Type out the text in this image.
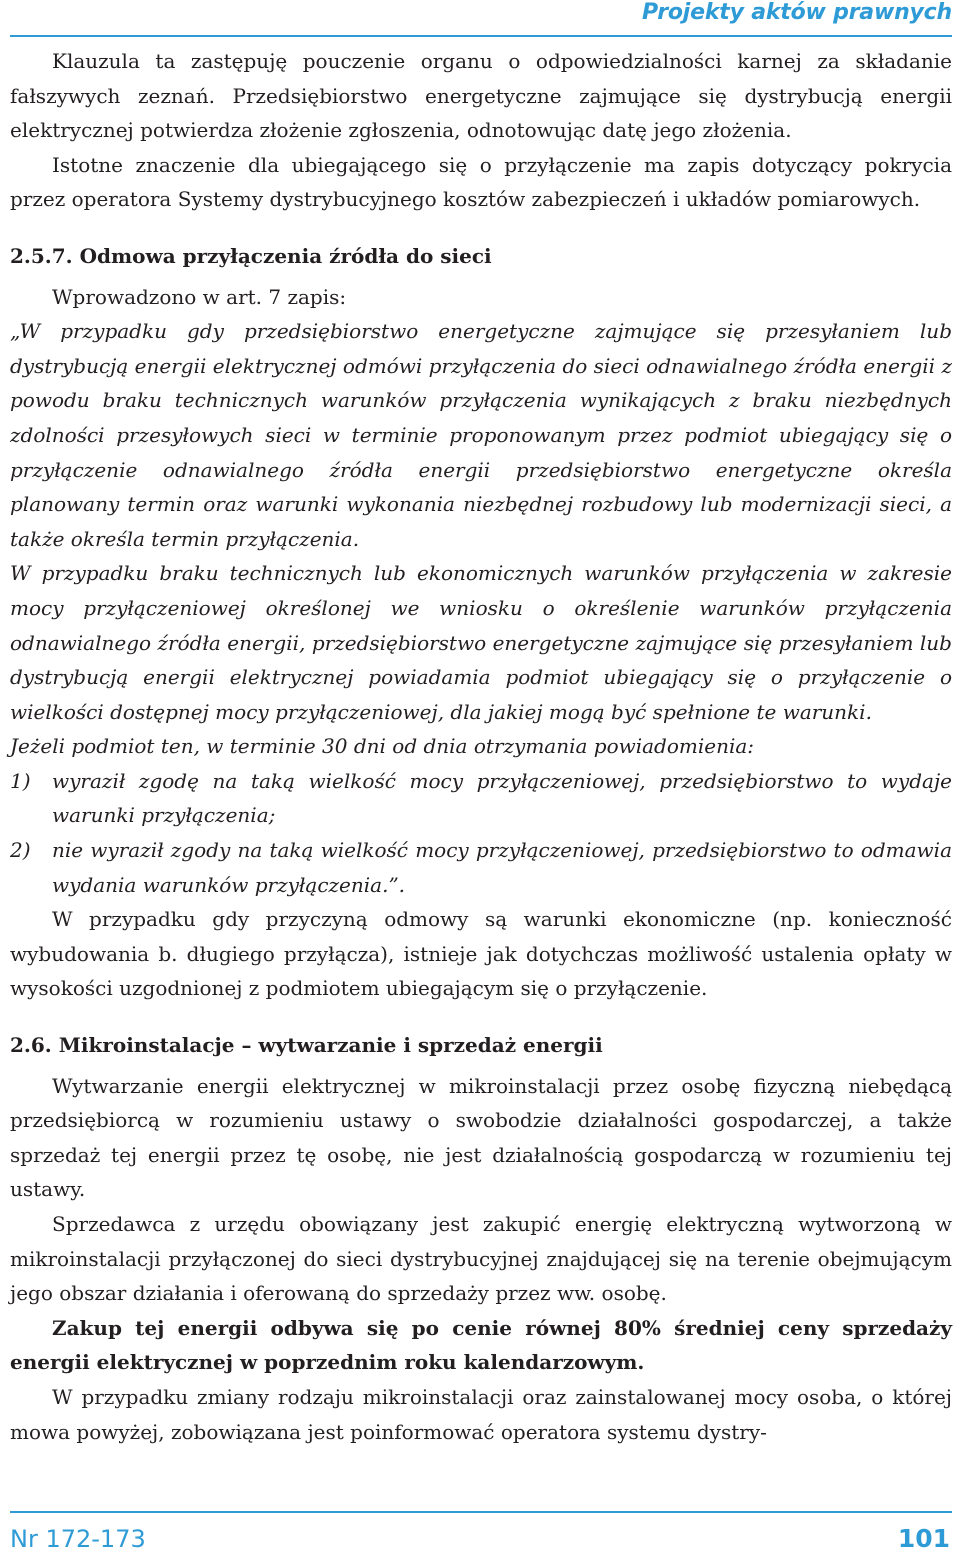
Projekty aktów prawnych

Klauzula ta zastępuję pouczenie organu o odpowiedzialności karnej za składanie fałszywych zeznań. Przedsiębiorstwo energetyczne zajmujące się dystrybucją energii elektrycznej potwierdza złożenie zgłoszenia, odnotowując datę jego złożenia.

Istotne znaczenie dla ubiegającego się o przyłączenie ma zapis dotyczący pokrycia przez operatora Systemy dystrybucyjnego kosztów zabezpieczeń i układów pomiarowych.

2.5.7. Odmowa przyłączenia źródła do sieci

Wprowadzono w art. 7 zapis:

„W przypadku gdy przedsiębiorstwo energetyczne zajmujące się przesyłaniem lub dystrybucją energii elektrycznej odmówi przyłączenia do sieci odnawialnego źródła energii z powodu braku technicznych warunków przyłączenia wynikających z braku niezbędnych zdolności przesyłowych sieci w terminie proponowanym przez podmiot ubiegający się o przyłączenie odnawialnego źródła energii przedsiębiorstwo energetyczne określa planowany termin oraz warunki wykonania niezbędnej rozbudowy lub modernizacji sieci, a także określa termin przyłączenia.

W przypadku braku technicznych lub ekonomicznych warunków przyłączenia w zakresie mocy przyłączeniowej określonej we wniosku o określenie warunków przyłączenia odnawialnego źródła energii, przedsiębiorstwo energetyczne zajmujące się przesyłaniem lub dystrybucją energii elektrycznej powiadamia podmiot ubiegający się o przyłączenie o wielkości dostępnej mocy przyłączeniowej, dla jakiej mogą być spełnione te warunki.

Jeżeli podmiot ten, w terminie 30 dni od dnia otrzymania powiadomienia:

1)	wyraził zgodę na taką wielkość mocy przyłączeniowej, przedsiębiorstwo to wydaje warunki przyłączenia;
2)	nie wyraził zgody na taką wielkość mocy przyłączeniowej, przedsiębiorstwo to odmawia wydania warunków przyłączenia.”.

W przypadku gdy przyczyną odmowy są warunki ekonomiczne (np. konieczność wybudowania b. długiego przyłącza), istnieje jak dotychczas możliwość ustalenia opłaty w wysokości uzgodnionej z podmiotem ubiegającym się o przyłączenie.

2.6. Mikroinstalacje – wytwarzanie i sprzedaż energii

Wytwarzanie energii elektrycznej w mikroinstalacji przez osobę fizyczną niebędącą przedsiębiorcą w rozumieniu ustawy o swobodzie działalności gospodarczej, a także sprzedaż tej energii przez tę osobę, nie jest działalnością gospodarczą w rozumieniu tej ustawy.

Sprzedawca z urzędu obowiązany jest zakupić energię elektryczną wytworzoną w mikroinstalacji przyłączonej do sieci dystrybucyjnej znajdującej się na terenie obejmującym jego obszar działania i oferowaną do sprzedaży przez ww. osobę.

Zakup tej energii odbywa się po cenie równej 80% średniej ceny sprzedaży energii elektrycznej w poprzednim roku kalendarzowym.

W przypadku zmiany rodzaju mikroinstalacji oraz zainstalowanej mocy osoba, o której mowa powyżej, zobowiązana jest poinformować operatora systemu dystry-

Nr 172-173	101
